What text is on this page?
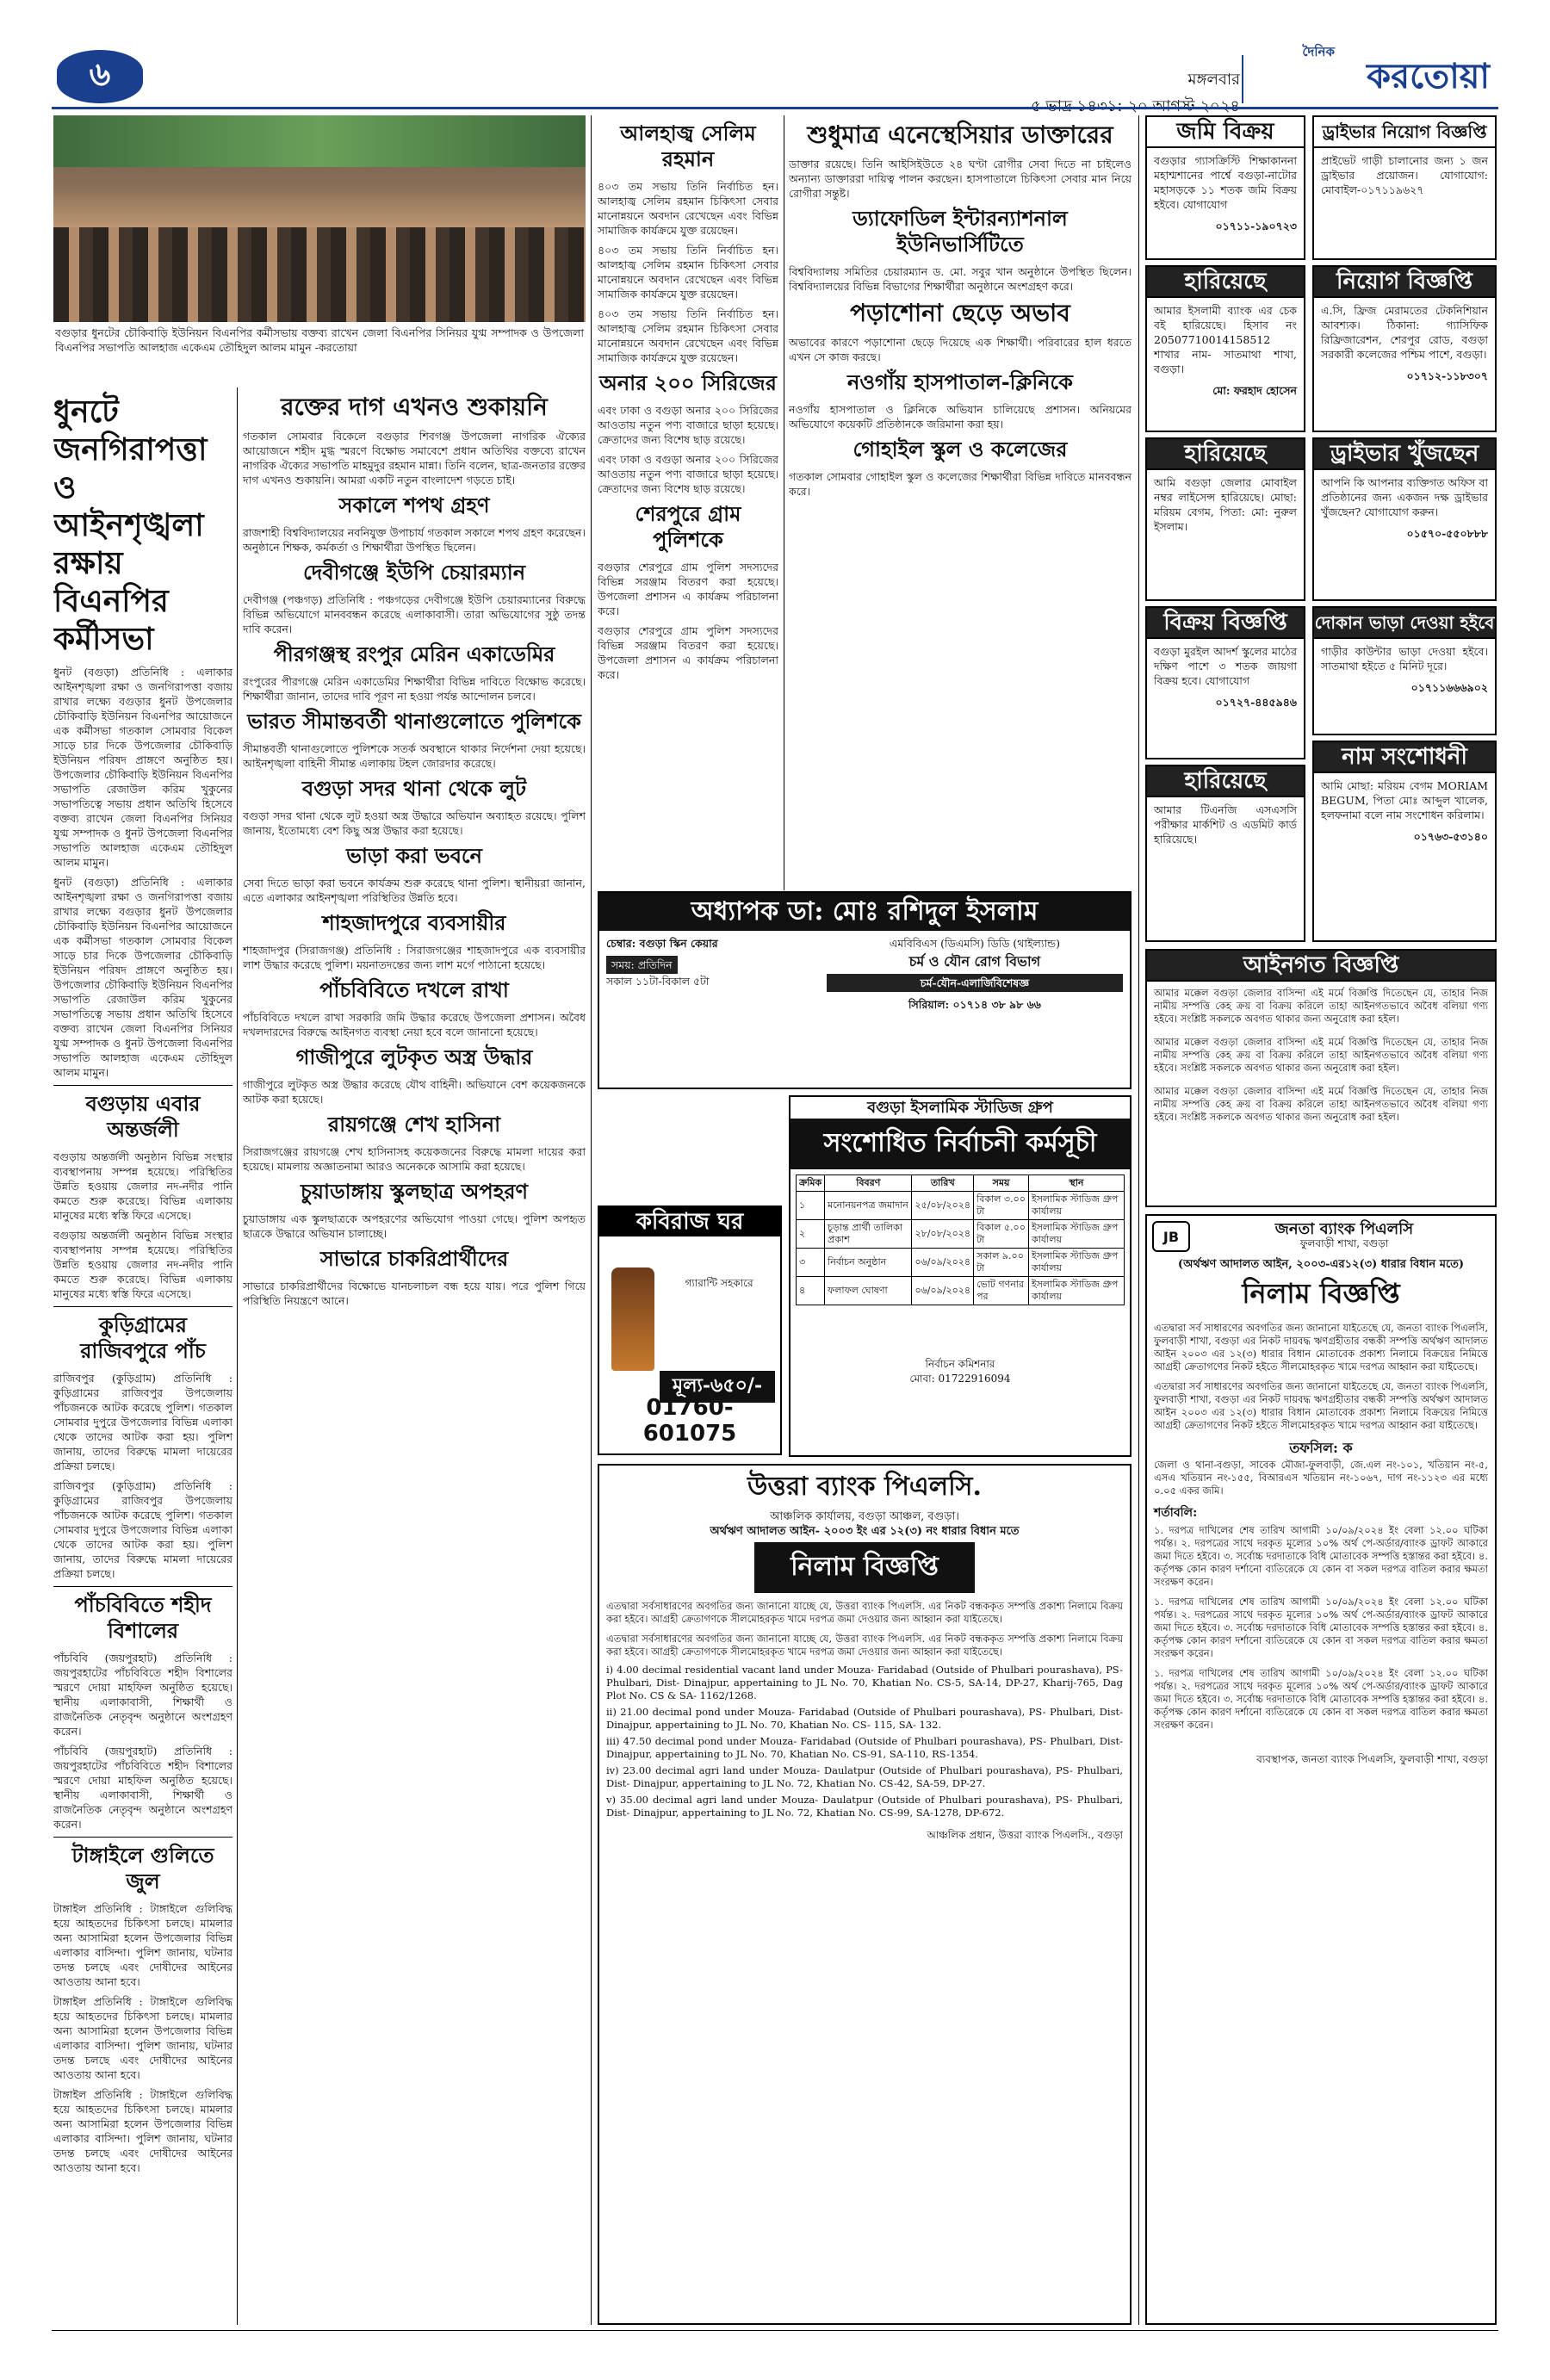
৬	মঙ্গলবার
দৈনিক
করতোয়া
বগুড়ার ধুনটের চৌকিবাড়ি ইউনিয়ন বিএনপির কর্মীসভায় বক্তব্য রাখেন জেলা বিএনপির সিনিয়র যুগ্ম সম্পাদক ও উপজেলা বিএনপির সভাপতি আলহাজ একেএম তৌহিদুল আলম মামুন -করতোয়া
ধুনটে জনগিরাপত্তা ও আইনশৃঙ্খলা রক্ষায় বিএনপির কর্মীসভা

ধুনট (বগুড়া) প্রতিনিধি : এলাকার আইনশৃঙ্খলা রক্ষা ও জনগিরাপত্তা বজায় রাখার লক্ষ্যে বগুড়ার ধুনট উপজেলার চৌকিবাড়ি ইউনিয়ন বিএনপির আয়োজনে এক কর্মীসভা গতকাল সোমবার বিকেল সাড়ে চার দিকে উপজেলার চৌকিবাড়ি ইউনিয়ন পরিষদ প্রাঙ্গণে অনুষ্ঠিত হয়। উপজেলার চৌকিবাড়ি ইউনিয়ন বিএনপির সভাপতি রেজাউল করিম খুকুনের সভাপতিত্বে সভায় প্রধান অতিথি হিসেবে বক্তব্য রাখেন জেলা বিএনপির সিনিয়র যুগ্ম সম্পাদক ও ধুনট উপজেলা বিএনপির সভাপতি আলহাজ একেএম তৌহিদুল আলম মামুন।

ধুনট (বগুড়া) প্রতিনিধি : এলাকার আইনশৃঙ্খলা রক্ষা ও জনগিরাপত্তা বজায় রাখার লক্ষ্যে বগুড়ার ধুনট উপজেলার চৌকিবাড়ি ইউনিয়ন বিএনপির আয়োজনে এক কর্মীসভা গতকাল সোমবার বিকেল সাড়ে চার দিকে উপজেলার চৌকিবাড়ি ইউনিয়ন পরিষদ প্রাঙ্গণে অনুষ্ঠিত হয়। উপজেলার চৌকিবাড়ি ইউনিয়ন বিএনপির সভাপতি রেজাউল করিম খুকুনের সভাপতিত্বে সভায় প্রধান অতিথি হিসেবে বক্তব্য রাখেন জেলা বিএনপির সিনিয়র যুগ্ম সম্পাদক ও ধুনট উপজেলা বিএনপির সভাপতি আলহাজ একেএম তৌহিদুল আলম মামুন।

বগুড়ায় এবার অন্তর্জলী

বগুড়ায় অন্তর্জলী অনুষ্ঠান বিভিন্ন সংস্থার ব্যবস্থাপনায় সম্পন্ন হয়েছে। পরিস্থিতির উন্নতি হওয়ায় জেলার নদ-নদীর পানি কমতে শুরু করেছে। বিভিন্ন এলাকায় মানুষের মধ্যে স্বস্তি ফিরে এসেছে।

বগুড়ায় অন্তর্জলী অনুষ্ঠান বিভিন্ন সংস্থার ব্যবস্থাপনায় সম্পন্ন হয়েছে। পরিস্থিতির উন্নতি হওয়ায় জেলার নদ-নদীর পানি কমতে শুরু করেছে। বিভিন্ন এলাকায় মানুষের মধ্যে স্বস্তি ফিরে এসেছে।

কুড়িগ্রামের রাজিবপুরে পাঁচ

রাজিবপুর (কুড়িগ্রাম) প্রতিনিধি : কুড়িগ্রামের রাজিবপুর উপজেলায় পাঁচজনকে আটক করেছে পুলিশ। গতকাল সোমবার দুপুরে উপজেলার বিভিন্ন এলাকা থেকে তাদের আটক করা হয়। পুলিশ জানায়, তাদের বিরুদ্ধে মামলা দায়েরের প্রক্রিয়া চলছে।

রাজিবপুর (কুড়িগ্রাম) প্রতিনিধি : কুড়িগ্রামের রাজিবপুর উপজেলায় পাঁচজনকে আটক করেছে পুলিশ। গতকাল সোমবার দুপুরে উপজেলার বিভিন্ন এলাকা থেকে তাদের আটক করা হয়। পুলিশ জানায়, তাদের বিরুদ্ধে মামলা দায়েরের প্রক্রিয়া চলছে।

পাঁচবিবিতে শহীদ বিশালের

পাঁচবিবি (জয়পুরহাট) প্রতিনিধি : জয়পুরহাটের পাঁচবিবিতে শহীদ বিশালের স্মরণে দোয়া মাহফিল অনুষ্ঠিত হয়েছে। স্থানীয় এলাকাবাসী, শিক্ষার্থী ও রাজনৈতিক নেতৃবৃন্দ অনুষ্ঠানে অংশগ্রহণ করেন।

পাঁচবিবি (জয়পুরহাট) প্রতিনিধি : জয়পুরহাটের পাঁচবিবিতে শহীদ বিশালের স্মরণে দোয়া মাহফিল অনুষ্ঠিত হয়েছে। স্থানীয় এলাকাবাসী, শিক্ষার্থী ও রাজনৈতিক নেতৃবৃন্দ অনুষ্ঠানে অংশগ্রহণ করেন।

টাঙ্গাইলে গুলিতে জুল

টাঙ্গাইল প্রতিনিধি : টাঙ্গাইলে গুলিবিদ্ধ হয়ে আহতদের চিকিৎসা চলছে। মামলার অন্য আসামিরা হলেন উপজেলার বিভিন্ন এলাকার বাসিন্দা। পুলিশ জানায়, ঘটনার তদন্ত চলছে এবং দোষীদের আইনের আওতায় আনা হবে।

টাঙ্গাইল প্রতিনিধি : টাঙ্গাইলে গুলিবিদ্ধ হয়ে আহতদের চিকিৎসা চলছে। মামলার অন্য আসামিরা হলেন উপজেলার বিভিন্ন এলাকার বাসিন্দা। পুলিশ জানায়, ঘটনার তদন্ত চলছে এবং দোষীদের আইনের আওতায় আনা হবে।

টাঙ্গাইল প্রতিনিধি : টাঙ্গাইলে গুলিবিদ্ধ হয়ে আহতদের চিকিৎসা চলছে। মামলার অন্য আসামিরা হলেন উপজেলার বিভিন্ন এলাকার বাসিন্দা। পুলিশ জানায়, ঘটনার তদন্ত চলছে এবং দোষীদের আইনের আওতায় আনা হবে।

রক্তের দাগ এখনও শুকায়নি

গতকাল সোমবার বিকেলে বগুড়ার শিবগঞ্জ উপজেলা নাগরিক ঐক্যের আয়োজনে শহীদ মুগ্ধ স্মরণে বিক্ষোভ সমাবেশে প্রধান অতিথির বক্তব্যে রাখেন নাগরিক ঐক্যের সভাপতি মাহমুদুর রহমান মান্না। তিনি বলেন, ছাত্র-জনতার রক্তের দাগ এখনও শুকায়নি। আমরা একটি নতুন বাংলাদেশ গড়তে চাই।

সকালে শপথ গ্রহণ

রাজশাহী বিশ্ববিদ্যালয়ের নবনিযুক্ত উপাচার্য গতকাল সকালে শপথ গ্রহণ করেছেন। অনুষ্ঠানে শিক্ষক, কর্মকর্তা ও শিক্ষার্থীরা উপস্থিত ছিলেন।

দেবীগঞ্জে ইউপি চেয়ারম্যান

দেবীগঞ্জ (পঞ্চগড়) প্রতিনিধি : পঞ্চগড়ের দেবীগঞ্জে ইউপি চেয়ারম্যানের বিরুদ্ধে বিভিন্ন অভিযোগে মানববন্ধন করেছে এলাকাবাসী। তারা অভিযোগের সুষ্ঠু তদন্ত দাবি করেন।

পীরগঞ্জস্থ রংপুর মেরিন একাডেমির

রংপুরের পীরগঞ্জে মেরিন একাডেমির শিক্ষার্থীরা বিভিন্ন দাবিতে বিক্ষোভ করেছে। শিক্ষার্থীরা জানান, তাদের দাবি পূরণ না হওয়া পর্যন্ত আন্দোলন চলবে।

ভারত সীমান্তবর্তী থানাগুলোতে পুলিশকে

সীমান্তবর্তী থানাগুলোতে পুলিশকে সতর্ক অবস্থানে থাকার নির্দেশনা দেয়া হয়েছে। আইনশৃঙ্খলা বাহিনী সীমান্ত এলাকায় টহল জোরদার করেছে।

বগুড়া সদর থানা থেকে লুট

বগুড়া সদর থানা থেকে লুট হওয়া অস্ত্র উদ্ধারে অভিযান অব্যাহত রয়েছে। পুলিশ জানায়, ইতোমধ্যে বেশ কিছু অস্ত্র উদ্ধার করা হয়েছে।

ভাড়া করা ভবনে

সেবা দিতে ভাড়া করা ভবনে কার্যক্রম শুরু করেছে থানা পুলিশ। স্থানীয়রা জানান, এতে এলাকার আইনশৃঙ্খলা পরিস্থিতির উন্নতি হবে।

শাহজাদপুরে ব্যবসায়ীর

শাহজাদপুর (সিরাজগঞ্জ) প্রতিনিধি : সিরাজগঞ্জের শাহজাদপুরে এক ব্যবসায়ীর লাশ উদ্ধার করেছে পুলিশ। ময়নাতদন্তের জন্য লাশ মর্গে পাঠানো হয়েছে।

পাঁচবিবিতে দখলে রাখা

পাঁচবিবিতে দখলে রাখা সরকারি জমি উদ্ধার করেছে উপজেলা প্রশাসন। অবৈধ দখলদারদের বিরুদ্ধে আইনগত ব্যবস্থা নেয়া হবে বলে জানানো হয়েছে।

গাজীপুরে লুটকৃত অস্ত্র উদ্ধার

গাজীপুরে লুটকৃত অস্ত্র উদ্ধার করেছে যৌথ বাহিনী। অভিযানে বেশ কয়েকজনকে আটক করা হয়েছে।

রায়গঞ্জে শেখ হাসিনা

সিরাজগঞ্জের রায়গঞ্জে শেখ হাসিনাসহ কয়েকজনের বিরুদ্ধে মামলা দায়ের করা হয়েছে। মামলায় অজ্ঞাতনামা আরও অনেককে আসামি করা হয়েছে।

চুয়াডাঙ্গায় স্কুলছাত্র অপহরণ

চুয়াডাঙ্গায় এক স্কুলছাত্রকে অপহরণের অভিযোগ পাওয়া গেছে। পুলিশ অপহৃত ছাত্রকে উদ্ধারে অভিযান চালাচ্ছে।

সাভারে চাকরিপ্রার্থীদের

সাভারে চাকরিপ্রার্থীদের বিক্ষোভে যানচলাচল বন্ধ হয়ে যায়। পরে পুলিশ গিয়ে পরিস্থিতি নিয়ন্ত্রণে আনে।

আলহাজ্ব সেলিম রহমান

৪০৩ তম সভায় তিনি নির্বাচিত হন। আলহাজ্ব সেলিম রহমান চিকিৎসা সেবার মানোন্নয়নে অবদান রেখেছেন এবং বিভিন্ন সামাজিক কার্যক্রমে যুক্ত রয়েছেন।

৪০৩ তম সভায় তিনি নির্বাচিত হন। আলহাজ্ব সেলিম রহমান চিকিৎসা সেবার মানোন্নয়নে অবদান রেখেছেন এবং বিভিন্ন সামাজিক কার্যক্রমে যুক্ত রয়েছেন।

৪০৩ তম সভায় তিনি নির্বাচিত হন। আলহাজ্ব সেলিম রহমান চিকিৎসা সেবার মানোন্নয়নে অবদান রেখেছেন এবং বিভিন্ন সামাজিক কার্যক্রমে যুক্ত রয়েছেন।

অনার ২০০ সিরিজের

এবং ঢাকা ও বগুড়া অনার ২০০ সিরিজের আওতায় নতুন পণ্য বাজারে ছাড়া হয়েছে। ক্রেতাদের জন্য বিশেষ ছাড় রয়েছে।

এবং ঢাকা ও বগুড়া অনার ২০০ সিরিজের আওতায় নতুন পণ্য বাজারে ছাড়া হয়েছে। ক্রেতাদের জন্য বিশেষ ছাড় রয়েছে।

শেরপুরে গ্রাম পুলিশকে

বগুড়ার শেরপুরে গ্রাম পুলিশ সদস্যদের বিভিন্ন সরঞ্জাম বিতরণ করা হয়েছে। উপজেলা প্রশাসন এ কার্যক্রম পরিচালনা করে।

বগুড়ার শেরপুরে গ্রাম পুলিশ সদস্যদের বিভিন্ন সরঞ্জাম বিতরণ করা হয়েছে। উপজেলা প্রশাসন এ কার্যক্রম পরিচালনা করে।

শুধুমাত্র এনেস্থেসিয়ার ডাক্তারের

ডাক্তার রয়েছে। তিনি আইসিইউতে ২৪ ঘণ্টা রোগীর সেবা দিতে না চাইলেও অন্যান্য ডাক্তাররা দায়িত্ব পালন করছেন। হাসপাতালে চিকিৎসা সেবার মান নিয়ে রোগীরা সন্তুষ্ট।

ড্যাফোডিল ইন্টারন্যাশনাল ইউনিভার্সিটিতে

বিশ্ববিদ্যালয় সমিতির চেয়ারম্যান ড. মো. সবুর খান অনুষ্ঠানে উপস্থিত ছিলেন। বিশ্ববিদ্যালয়ের বিভিন্ন বিভাগের শিক্ষার্থীরা অনুষ্ঠানে অংশগ্রহণ করে।

পড়াশোনা ছেড়ে অভাব

অভাবের কারণে পড়াশোনা ছেড়ে দিয়েছে এক শিক্ষার্থী। পরিবারের হাল ধরতে এখন সে কাজ করছে।

নওগাঁয় হাসপাতাল-ক্লিনিকে

নওগাঁয় হাসপাতাল ও ক্লিনিকে অভিযান চালিয়েছে প্রশাসন। অনিয়মের অভিযোগে কয়েকটি প্রতিষ্ঠানকে জরিমানা করা হয়।

গোহাইল স্কুল ও কলেজের

গতকাল সোমবার গোহাইল স্কুল ও কলেজের শিক্ষার্থীরা বিভিন্ন দাবিতে মানববন্ধন করে।

অধ্যাপক ডা: মোঃ রশিদুল ইসলাম
চেম্বার: বগুড়া স্কিন কেয়ার
সময়: প্রতিদিন
সকাল ১১টা-বিকাল ৫টা
এমবিবিএস (ডিএমসি) ডিডি (থাইল্যান্ড)
চর্ম ও যৌন রোগ বিভাগ
চর্ম-যৌন-এলার্জিবিশেষজ্ঞ
সিরিয়াল: ০১৭১৪ ৩৮ ৯৮ ৬৬
বগুড়া ইসলামিক স্টাডিজ গ্রুপ
সংশোধিত নির্বাচনী কর্মসূচী
ক্রমিক	বিবরণ	তারিখ	সময়	স্থান
১	মনোনয়নপত্র জমাদান	২৫/০৮/২০২৪	বিকাল ৩.০০ টা	ইসলামিক স্টাডিজ গ্রুপ কার্যালয়
২	চূড়ান্ত প্রার্থী তালিকা প্রকাশ	২৮/০৮/২০২৪	বিকাল ৫.০০ টা	ইসলামিক স্টাডিজ গ্রুপ কার্যালয়
৩	নির্বাচন অনুষ্ঠান	০৬/০৯/২০২৪	সকাল ৯.০০ টা	ইসলামিক স্টাডিজ গ্রুপ কার্যালয়
৪	ফলাফল ঘোষণা	০৬/০৯/২০২৪	ভোট গণনার পর	ইসলামিক স্টাডিজ গ্রুপ কার্যালয়
নির্বাচন কমিশনার
মোবা: 01722916094
কবিরাজ ঘর
গ্যারান্টি সহকারে
মূল্য-৬৫০/-
01760-601075
উত্তরা ব্যাংক পিএলসি.
আঞ্চলিক কার্যালয়, বগুড়া আঞ্চল, বগুড়া।
অর্থঋণ আদালত আইন- ২০০৩ ইং এর ১২(৩) নং ধারার বিধান মতে
নিলাম বিজ্ঞপ্তি
এতদ্বারা সর্বসাধারণের অবগতির জন্য জানানো যাচ্ছে যে, উত্তরা ব্যাংক পিএলসি. এর নিকট বন্ধককৃত সম্পত্তি প্রকাশ্য নিলামে বিক্রয় করা হইবে। আগ্রহী ক্রেতাগণকে সীলমোহরকৃত খামে দরপত্র জমা দেওয়ার জন্য আহ্বান করা যাইতেছে।
এতদ্বারা সর্বসাধারণের অবগতির জন্য জানানো যাচ্ছে যে, উত্তরা ব্যাংক পিএলসি. এর নিকট বন্ধককৃত সম্পত্তি প্রকাশ্য নিলামে বিক্রয় করা হইবে। আগ্রহী ক্রেতাগণকে সীলমোহরকৃত খামে দরপত্র জমা দেওয়ার জন্য আহ্বান করা যাইতেছে।
i) 4.00 decimal residential vacant land under Mouza- Faridabad (Outside of Phulbari pourashava), PS- Phulbari, Dist- Dinajpur, appertaining to JL No. 70, Khatian No. CS-5, SA-14, DP-27, Kharij-765, Dag Plot No. CS & SA- 1162/1268.
ii) 21.00 decimal pond under Mouza- Faridabad (Outside of Phulbari pourashava), PS- Phulbari, Dist- Dinajpur, appertaining to JL No. 70, Khatian No. CS- 115, SA- 132.
iii) 47.50 decimal pond under Mouza- Faridabad (Outside of Phulbari pourashava), PS- Phulbari, Dist- Dinajpur, appertaining to JL No. 70, Khatian No. CS-91, SA-110, RS-1354.
iv) 23.00 decimal agri land under Mouza- Daulatpur (Outside of Phulbari pourashava), PS- Phulbari, Dist- Dinajpur, appertaining to JL No. 72, Khatian No. CS-42, SA-59, DP-27.
v) 35.00 decimal agri land under Mouza- Daulatpur (Outside of Phulbari pourashava), PS- Phulbari, Dist- Dinajpur, appertaining to JL No. 72, Khatian No. CS-99, SA-1278, DP-672.
আঞ্চলিক প্রধান, উত্তরা ব্যাংক পিএলসি., বগুড়া
জমি বিক্রয়
বগুড়ার গ্যাসক্রিস্টি শিক্ষাকাননা মহাশ্মশানের পার্শ্বে বগুড়া-নাটোর মহাসড়কে ১১ শতক জমি বিক্রয় হইবে। যোগাযোগ
০১৭১১-১৯০৭২৩
ড্রাইভার নিয়োগ বিজ্ঞপ্তি
প্রাইভেট গাড়ী চালানোর জন্য ১ জন ড্রাইভার প্রয়োজন। যোগাযোগ: মোবাইল-০১৭১১৯৬২৭
হারিয়েছে
আমার ইসলামী ব্যাংক এর চেক বই হারিয়েছে। হিসাব নং 20507710014158512 শাখার নাম- সাতমাথা শাখা, বগুড়া।
মো: ফরহাদ হোসেন
নিয়োগ বিজ্ঞপ্তি
এ.সি, ফ্রিজ মেরামতের টেকনিশিয়ান আবশ্যক। ঠিকানা: গ্যাসিফিক রিফ্রিজারেশন, শেরপুর রোড, বগুড়া সরকারী কলেজের পশ্চিম পাশে, বগুড়া।
০১৭১২-১১৮৩০৭
হারিয়েছে
আমি বগুড়া জেলার মোবাইল নম্বর লাইসেন্স হারিয়েছে। মোছা: মরিয়ম বেগম, পিতা: মো: নুরুল ইসলাম।
ড্রাইভার খুঁজছেন
আপনি কি আপনার ব্যক্তিগত অফিস বা প্রতিষ্ঠানের জন্য একজন দক্ষ ড্রাইভার খুঁজছেন? যোগাযোগ করুন।
০১৫৭০-৫৫০৮৮৮
বিক্রয় বিজ্ঞপ্তি
বগুড়া মুরইল আদর্শ স্কুলের মাঠের দক্ষিণ পাশে ৩ শতক জায়গা বিক্রয় হবে। যোগাযোগ
০১৭২৭-৪৪৫৯৪৬
দোকান ভাড়া দেওয়া হইবে
গাড়ীর কাউন্টার ভাড়া দেওয়া হইবে। সাতমাথা হইতে ৫ মিনিট দূরে।
০১৭১১৬৬৬৯০২
হারিয়েছে
আমার টিএনজি এসএসসি পরীক্ষার মার্কশিট ও এডমিট কার্ড হারিয়েছে।
নাম সংশোধনী
আমি মোছা: মরিয়ম বেগম MORIAM BEGUM, পিতা মোঃ আব্দুল খালেক, হলফনামা বলে নাম সংশোধন করিলাম।
০১৭৬৩-৫৩১৪০
আইনগত বিজ্ঞপ্তি
আমার মক্কেল বগুড়া জেলার বাসিন্দা এই মর্মে বিজ্ঞপ্তি দিতেছেন যে, তাহার নিজ নামীয় সম্পত্তি কেহ ক্রয় বা বিক্রয় করিলে তাহা আইনগতভাবে অবৈধ বলিয়া গণ্য হইবে। সংশ্লিষ্ট সকলকে অবগত থাকার জন্য অনুরোধ করা হইল।
আমার মক্কেল বগুড়া জেলার বাসিন্দা এই মর্মে বিজ্ঞপ্তি দিতেছেন যে, তাহার নিজ নামীয় সম্পত্তি কেহ ক্রয় বা বিক্রয় করিলে তাহা আইনগতভাবে অবৈধ বলিয়া গণ্য হইবে। সংশ্লিষ্ট সকলকে অবগত থাকার জন্য অনুরোধ করা হইল।
আমার মক্কেল বগুড়া জেলার বাসিন্দা এই মর্মে বিজ্ঞপ্তি দিতেছেন যে, তাহার নিজ নামীয় সম্পত্তি কেহ ক্রয় বা বিক্রয় করিলে তাহা আইনগতভাবে অবৈধ বলিয়া গণ্য হইবে। সংশ্লিষ্ট সকলকে অবগত থাকার জন্য অনুরোধ করা হইল।
JB	জনতা ব্যাংক পিএলসি
ফুলবাড়ী শাখা, বগুড়া
(অর্থঋণ আদালত আইন, ২০০৩-এর১২(৩) ধারার বিধান মতে)
নিলাম বিজ্ঞপ্তি
এতদ্বারা সর্ব সাধারণের অবগতির জন্য জানানো যাইতেছে যে, জনতা ব্যাংক পিএলসি, ফুলবাড়ী শাখা, বগুড়া এর নিকট দায়বদ্ধ ঋণগ্রহীতার বন্ধকী সম্পত্তি অর্থঋণ আদালত আইন ২০০৩ এর ১২(৩) ধারার বিধান মোতাবেক প্রকাশ্য নিলামে বিক্রয়ের নিমিত্তে আগ্রহী ক্রেতাগণের নিকট হইতে সীলমোহরকৃত খামে দরপত্র আহ্বান করা যাইতেছে।
এতদ্বারা সর্ব সাধারণের অবগতির জন্য জানানো যাইতেছে যে, জনতা ব্যাংক পিএলসি, ফুলবাড়ী শাখা, বগুড়া এর নিকট দায়বদ্ধ ঋণগ্রহীতার বন্ধকী সম্পত্তি অর্থঋণ আদালত আইন ২০০৩ এর ১২(৩) ধারার বিধান মোতাবেক প্রকাশ্য নিলামে বিক্রয়ের নিমিত্তে আগ্রহী ক্রেতাগণের নিকট হইতে সীলমোহরকৃত খামে দরপত্র আহ্বান করা যাইতেছে।
তফসিল: ক
জেলা ও থানা-বগুড়া, সাবেক মৌজা-ফুলবাড়ী, জে.এল নং-১০১, খতিয়ান নং-৫, এসএ খতিয়ান নং-১৫৫, বিআরএস খতিয়ান নং-১০৬৭, দাগ নং-১১২৩ এর মধ্যে ০.০৫ একর জমি।
শর্তাবলি:
১. দরপত্র দাখিলের শেষ তারিখ আগামী ১০/০৯/২০২৪ ইং বেলা ১২.০০ ঘটিকা পর্যন্ত। ২. দরপত্রের সাথে দরকৃত মূল্যের ১০% অর্থ পে-অর্ডার/ব্যাংক ড্রাফট আকারে জমা দিতে হইবে। ৩. সর্বোচ্চ দরদাতাকে বিধি মোতাবেক সম্পত্তি হস্তান্তর করা হইবে। ৪. কর্তৃপক্ষ কোন কারণ দর্শানো ব্যতিরেকে যে কোন বা সকল দরপত্র বাতিল করার ক্ষমতা সংরক্ষণ করেন।
১. দরপত্র দাখিলের শেষ তারিখ আগামী ১০/০৯/২০২৪ ইং বেলা ১২.০০ ঘটিকা পর্যন্ত। ২. দরপত্রের সাথে দরকৃত মূল্যের ১০% অর্থ পে-অর্ডার/ব্যাংক ড্রাফট আকারে জমা দিতে হইবে। ৩. সর্বোচ্চ দরদাতাকে বিধি মোতাবেক সম্পত্তি হস্তান্তর করা হইবে। ৪. কর্তৃপক্ষ কোন কারণ দর্শানো ব্যতিরেকে যে কোন বা সকল দরপত্র বাতিল করার ক্ষমতা সংরক্ষণ করেন।
১. দরপত্র দাখিলের শেষ তারিখ আগামী ১০/০৯/২০২৪ ইং বেলা ১২.০০ ঘটিকা পর্যন্ত। ২. দরপত্রের সাথে দরকৃত মূল্যের ১০% অর্থ পে-অর্ডার/ব্যাংক ড্রাফট আকারে জমা দিতে হইবে। ৩. সর্বোচ্চ দরদাতাকে বিধি মোতাবেক সম্পত্তি হস্তান্তর করা হইবে। ৪. কর্তৃপক্ষ কোন কারণ দর্শানো ব্যতিরেকে যে কোন বা সকল দরপত্র বাতিল করার ক্ষমতা সংরক্ষণ করেন।
ব্যবস্থাপক, জনতা ব্যাংক পিএলসি, ফুলবাড়ী শাখা, বগুড়া
